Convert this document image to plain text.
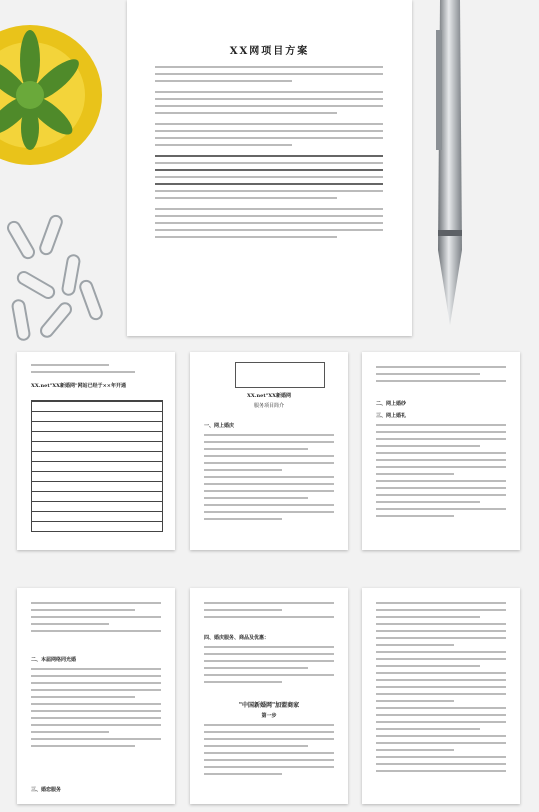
XX网项目方案
XX.net"XX新婚网"网站已经于××年开通
XX.net"XX新婚网
服务项目简介
一、网上婚庆
二、网上婚纱
三、网上婚礼
二、本届网络同光婚
三、婚恋服务
四、婚庆服务、商品及优惠：
"中国新婚网"加盟商家
第一步
